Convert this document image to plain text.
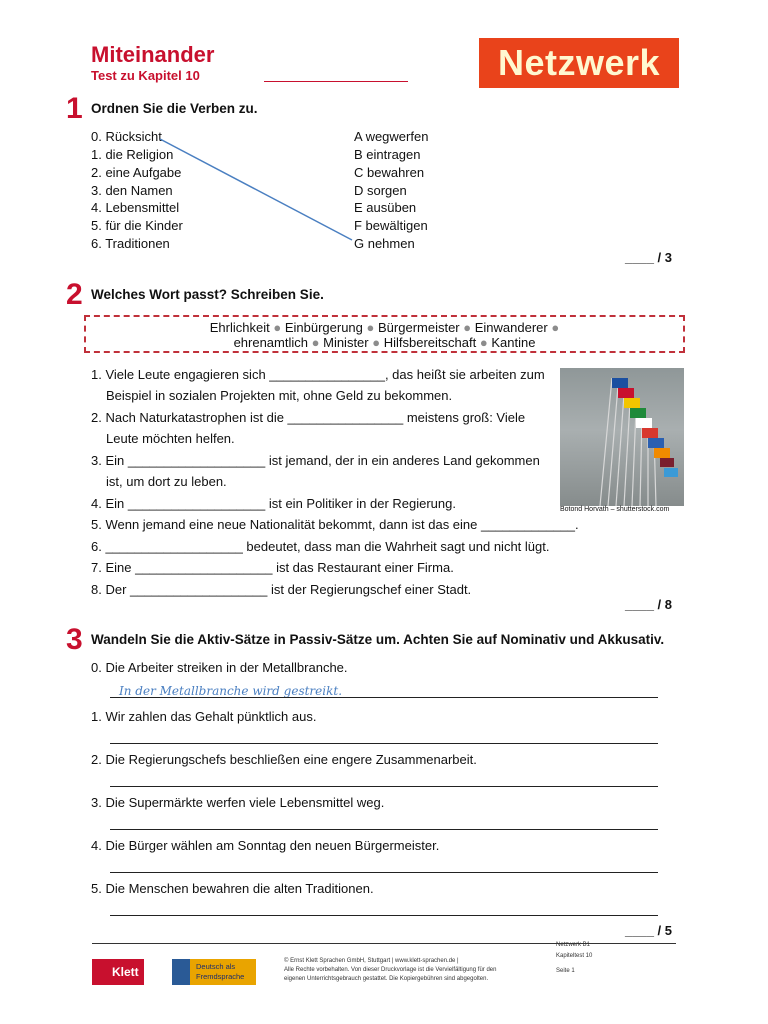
Miteinander
Test zu Kapitel 10	Netzwerk
1 Ordnen Sie die Verben zu.
0. Rücksicht
1. die Religion
2. eine Aufgabe
3. den Namen
4. Lebensmittel
5. für die Kinder
6. Traditionen
A wegwerfen
B eintragen
C bewahren
D sorgen
E ausüben
F bewältigen
G nehmen
____ / 3
2 Welches Wort passt? Schreiben Sie.
Ehrlichkeit ● Einbürgerung ● Bürgermeister ● Einwanderer ●
ehrenamtlich ● Minister ● Hilfsbereitschaft ● Kantine
1. Viele Leute engagieren sich ________________, das heißt sie arbeiten zum
Beispiel in sozialen Projekten mit, ohne Geld zu bekommen.
2. Nach Naturkatastrophen ist die ________________ meistens groß: Viele
Leute möchten helfen.
3. Ein ___________________ ist jemand, der in ein anderes Land gekommen
ist, um dort zu leben.
4. Ein ___________________ ist ein Politiker in der Regierung.
5. Wenn jemand eine neue Nationalität bekommt, dann ist das eine _____________.
6. ___________________ bedeutet, dass man die Wahrheit sagt und nicht lügt.
7. Eine ___________________ ist das Restaurant einer Firma.
8. Der ___________________ ist der Regierungschef einer Stadt.
Botond Horvath – shutterstock.com
____ / 8
3 Wandeln Sie die Aktiv-Sätze in Passiv-Sätze um. Achten Sie auf Nominativ und Akkusativ.
0. Die Arbeiter streiken in der Metallbranche.
In der Metallbranche wird gestreikt.
1. Wir zahlen das Gehalt pünktlich aus.
2. Die Regierungschefs beschließen eine engere Zusammenarbeit.
3. Die Supermärkte werfen viele Lebensmittel weg.
4. Die Bürger wählen am Sonntag den neuen Bürgermeister.
5. Die Menschen bewahren die alten Traditionen.
____ / 5
Klett	Deutsch als
Fremdsprache
© Ernst Klett Sprachen GmbH, Stuttgart | www.klett-sprachen.de |
Alle Rechte vorbehalten. Von dieser Druckvorlage ist die Vervielfältigung für den
eigenen Unterrichtsgebrauch gestattet. Die Kopiergebühren sind abgegolten.
Netzwerk B1
Kapiteltest 10
Seite 1
